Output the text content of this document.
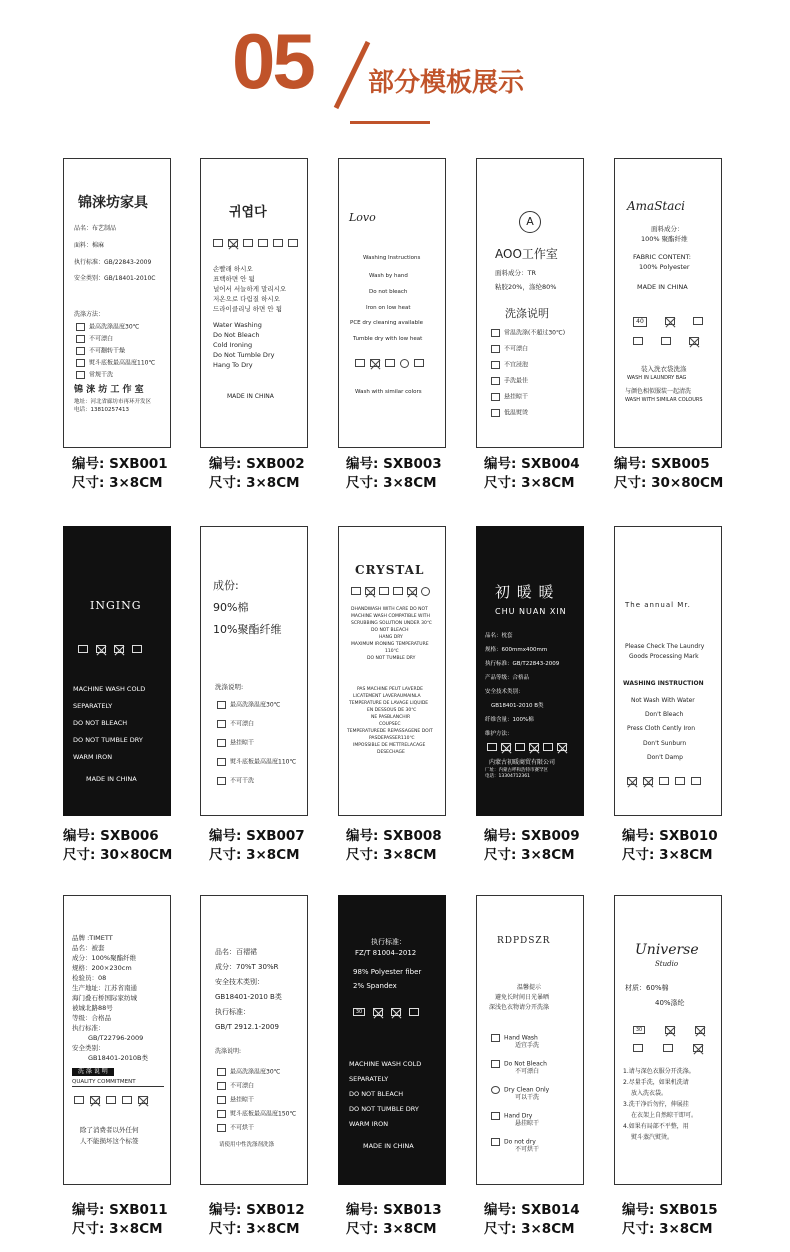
05 部分模板展示
锦涞坊家具
品名：布艺制品
面料：棉麻
执行标准：GB/22843-2009
安全类别：GB/18401-2010C
洗涤方法：
最高洗涤温度30℃
不可漂白
不可翻转干燥
熨斗底板最高温度110℃
常规干洗
锦 涞 坊 工 作 室
地址：河北省廊坊市再环开发区
电话：13810257413
编号: SXB001
尺寸: 3×8CM
귀엽다
손빨래 하시오
표백하면 안 됨
널어서 서늘하게 말리시오
저온으로 다림질 하시오
드라이클리닝 하면 안 됨
Water Washing
Do Not Bleach
Cold Ironing
Do Not Tumble Dry
Hang To Dry
MADE IN CHINA
编号: SXB002
尺寸: 3×8CM
Lovo
Washing Instructions
Wash by hand
Do not bleach
Iron on low heat
PCE dry cleaning available
Tumble dry with low heat
Wash with similar colors
编号: SXB003
尺寸: 3×8CM
A
AOO工作室
面料成分：TR
粘胶20%，涤纶80%
洗涤说明
常温洗涤(不超过30℃)
不可漂白
不宜浸泡
手洗最佳
悬挂晾干
低温熨烫
编号: SXB004
尺寸: 3×8CM
AmaStaci
面料成分：
100% 聚酯纤维
FABRIC CONTENT:
100% Polyester
MADE IN CHINA
40
装入洗衣袋洗涤
WASH IN LAUNDRY BAG
与颜色相似服装一起清洗
WASH WITH SIMILAR COLOURS
编号: SXB005
尺寸: 30×80CM
INGING
MACHINE WASH COLD
SEPARATELY
DO NOT BLEACH
DO NOT TUMBLE DRY
WARM IRON
MADE IN CHINA
编号: SXB006
尺寸: 30×80CM
成份:
90%棉
10%聚酯纤维
洗涤说明:
最高洗涤温度30℃
不可漂白
悬挂晾干
熨斗底板最高温度110℃
不可干洗
编号: SXB007
尺寸: 3×8CM
CRYSTAL
DHANDWASH WITH CARE DO NOT
MACHINE WASH COMPATIBLE WITH
SCRUBBING SOLUTION UNDER 30℃
DO NOT BLEACH
HANG DRY
MAXIMUM IRONING TEMPERATURE
110℃
DO NOT TUMBLE DRY
PAS MACHINE PEUT LAVERDE
LICATEMENT LAVERAUMAINLA
TEMPERATURE DE LAVAGE LIQUIDE
EN DESSOUS DE 30℃
NE PASBLANCHIR
COUPSEC
TEMPERATUREDE REPASSAGENE DOIT
PASDEPASSER110℃
IMPOSSIBLE DE METTRELACAGE
DESECHAGE
编号: SXB008
尺寸: 3×8CM
初 暖 暖
CHU NUAN XIN
品名：枕套
规格：600mmx400mm
执行标准：GB/T22843-2009
产品等级：合格品
安全技术类别：
GB18401-2010 B类
纤维含量：100%棉
维护方法：
内蒙古初暖商贸有限公司
厂址：内蒙古呼和浩特市赛罕区
电话：13304712361
编号: SXB009
尺寸: 3×8CM
The annual Mr.
Please Check The Laundry
Goods Processing Mark
WASHING INSTRUCTION
Not Wash With Water
Don't Bleach
Press Cloth Cently Iron
Don't Sunburn
Don't Damp
编号: SXB010
尺寸: 3×8CM
品牌 :TIMETT
品名：被套
成分：100%聚酯纤维
规格：200×230cm
检验员：08
生产地址：江苏省南通
海门叠石桥国际家纺城
被城北路88号
等级：合格品
执行标准：
GB/T22796-2009
安全类别：
GB18401-2010B类
洗 涤 说 明
QUALITY COMMITMENT
除了消费者以外任何
人不能损坏这个标签
编号: SXB011
尺寸: 3×8CM
品名：百褶裙
成分：70%T 30%R
安全技术类别：
GB18401-2010 B类
执行标准：
GB/T 2912.1-2009
洗涤说明:
最高洗涤温度30℃
不可漂白
悬挂晾干
熨斗底板最高温度150℃
不可烘干
请使用中性洗涤剂洗涤
编号: SXB012
尺寸: 3×8CM
执行标准：
FZ/T 81004–2012
98% Polyester fiber
2% Spandex
30
MACHINE WASH COLD
SEPARATELY
DO NOT BLEACH
DO NOT TUMBLE DRY
WARM IRON
MADE IN CHINA
编号: SXB013
尺寸: 3×8CM
RDPDSZR
温馨提示
避免长时间日光暴晒
深浅色衣物请分开洗涤
Hand Wash
适宜手洗
Do Not Bleach
不可漂白
Dry Clean Only
可以干洗
Hand Dry
悬挂晾干
Do not dry
不可烘干
编号: SXB014
尺寸: 3×8CM
Universe
Studio
材质：60%棉
40%涤纶
30
1.请与深色衣服分开洗涤。
2.尽量手洗，如果机洗请
放入洗衣袋。
3.洗干净后勿拧，伸展挂
在衣架上自然晾干即可。
4.如果有局部不平整，用
熨斗蒸汽熨烫。
编号: SXB015
尺寸: 3×8CM
